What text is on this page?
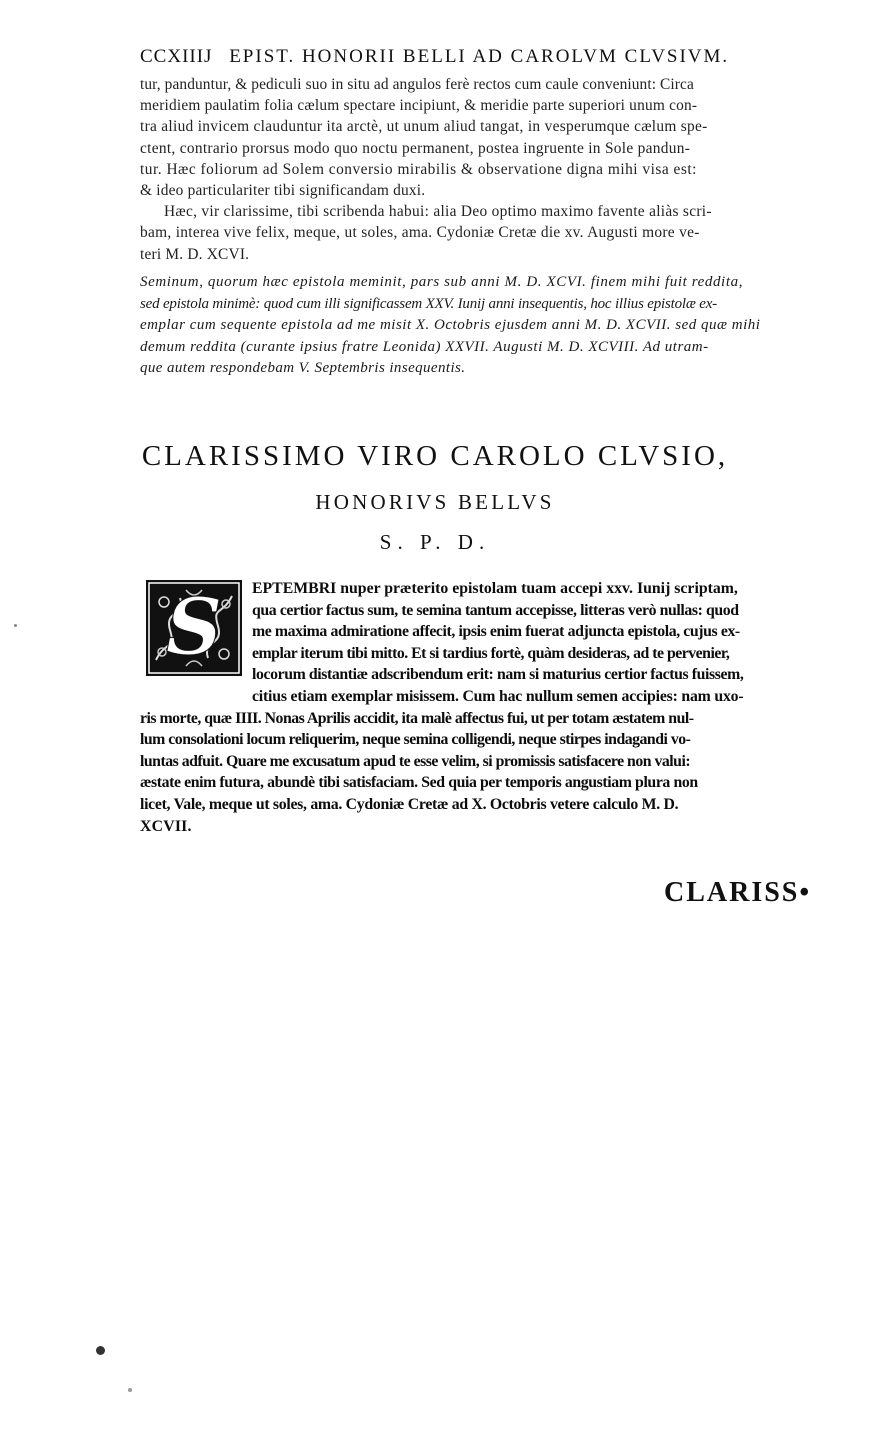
CCXIIIJ EPIST. HONORII BELLI AD CAROLVM CLVSIVM.
tur, panduntur, & pediculi suo in situ ad angulos ferè rectos cum caule conveniunt: Circa
meridiem paulatim folia cælum spectare incipiunt, & meridie parte superiori unum con-
tra aliud invicem clauduntur ita arctè, ut unum aliud tangat, in vesperumque cælum spe-
ctent, contrario prorsus modo quo noctu permanent, postea ingruente in Sole pandun-
tur. Hæc foliorum ad Solem conversio mirabilis & observatione digna mihi visa est:
& ideo particulariter tibi significandam duxi.
Hæc, vir clarissime, tibi scribenda habui: alia Deo optimo maximo favente aliàs scri-
bam, interea vive felix, meque, ut soles, ama. Cydoniæ Cretæ die xv. Augusti more ve-
teri M. D. XCVI.
Seminum, quorum hæc epistola meminit, pars sub anni M. D. XCVI. finem mihi fuit reddita,
sed epistola minimè: quod cum illi significassem XXV. Iunij anni insequentis, hoc illius epistolæ ex-
emplar cum sequente epistola ad me misit X. Octobris ejusdem anni M. D. XCVII. sed quæ mihi
demum reddita (curante ipsius fratre Leonida) XXVII. Augusti M. D. XCVIII. Ad utram-
que autem respondebam V. Septembris insequentis.
CLARISSIMO VIRO CAROLO CLVSIO,
HONORIVS BELLVS
S. P. D.
S	EPTEMBRI nuper præterito epistolam tuam accepi xxv. Iunij scriptam,
qua certior factus sum, te semina tantum accepisse, litteras verò nullas: quod
me maxima admiratione affecit, ipsis enim fuerat adjuncta epistola, cujus ex-
emplar iterum tibi mitto. Et si tardius fortè, quàm desideras, ad te pervenier,
locorum distantiæ adscribendum erit: nam si maturius certior factus fuissem,
citius etiam exemplar misissem. Cum hac nullum semen accipies: nam uxo-
ris morte, quæ IIII. Nonas Aprilis accidit, ita malè affectus fui, ut per totam æstatem nul-
lum consolationi locum reliquerim, neque semina colligendi, neque stirpes indagandi vo-
luntas adfuit. Quare me excusatum apud te esse velim, si promissis satisfacere non valui:
æstate enim futura, abundè tibi satisfaciam. Sed quia per temporis angustiam plura non
licet, Vale, meque ut soles, ama. Cydoniæ Cretæ ad X. Octobris vetere calculo M. D.
XCVII.
CLARISS•
